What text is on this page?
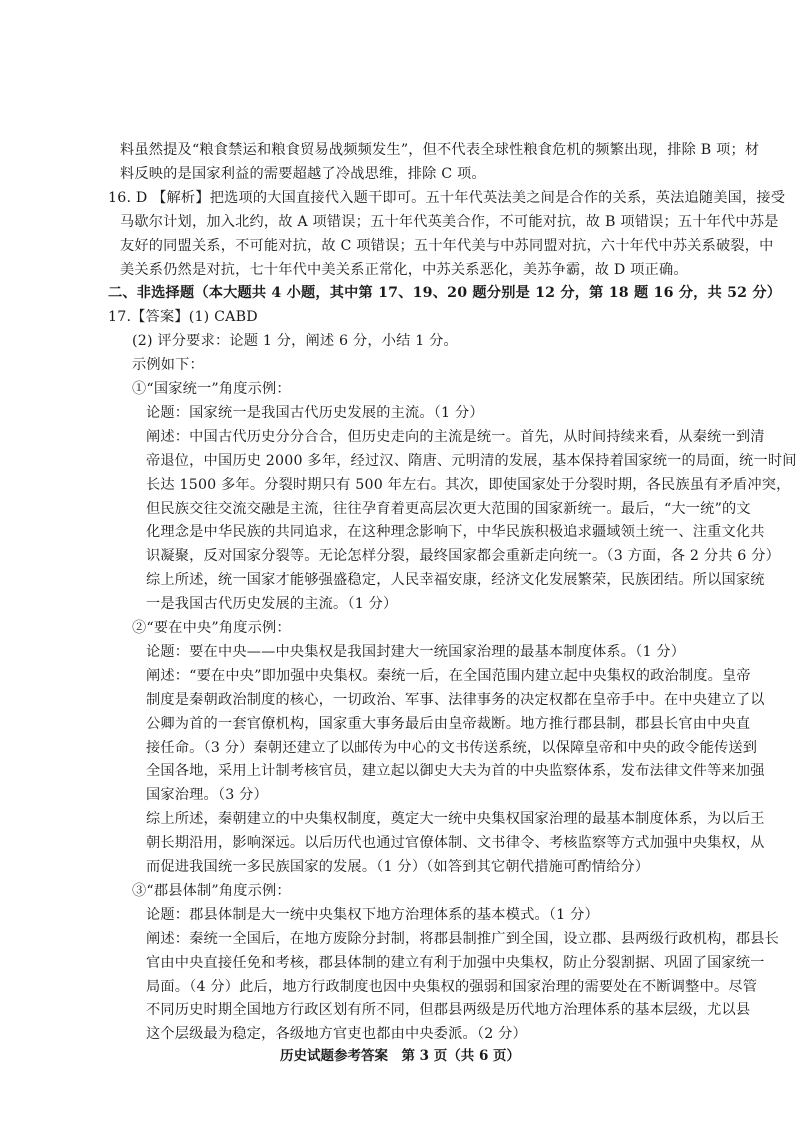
料虽然提及“粮食禁运和粮食贸易战频频发生”，但不代表全球性粮食危机的频繁出现，排除 B 项；材
料反映的是国家利益的需要超越了冷战思维，排除 C 项。
16. D 【解析】把选项的大国直接代入题干即可。五十年代英法美之间是合作的关系，英法追随美国，接受
马歇尔计划，加入北约，故 A 项错误；五十年代英美合作，不可能对抗，故 B 项错误；五十年代中苏是
友好的同盟关系，不可能对抗，故 C 项错误；五十年代美与中苏同盟对抗，六十年代中苏关系破裂，中
美关系仍然是对抗，七十年代中美关系正常化，中苏关系恶化，美苏争霸，故 D 项正确。
二、非选择题（本大题共 4 小题，其中第 17、19、20 题分别是 12 分，第 18 题 16 分，共 52 分）
17.【答案】(1) CABD
(2) 评分要求：论题 1 分，阐述 6 分，小结 1 分。
示例如下：
①“国家统一”角度示例：
论题：国家统一是我国古代历史发展的主流。（1 分）
阐述：中国古代历史分分合合，但历史走向的主流是统一。首先，从时间持续来看，从秦统一到清
帝退位，中国历史 2000 多年，经过汉、隋唐、元明清的发展，基本保持着国家统一的局面，统一时间
长达 1500 多年。分裂时期只有 500 年左右。其次，即使国家处于分裂时期，各民族虽有矛盾冲突，
但民族交往交流交融是主流，往往孕育着更高层次更大范围的国家新统一。最后，“大一统”的文
化理念是中华民族的共同追求，在这种理念影响下，中华民族积极追求疆域领土统一、注重文化共
识凝聚，反对国家分裂等。无论怎样分裂，最终国家都会重新走向统一。（3 方面，各 2 分共 6 分）
综上所述，统一国家才能够强盛稳定，人民幸福安康，经济文化发展繁荣，民族团结。所以国家统
一是我国古代历史发展的主流。（1 分）
②“要在中央”角度示例：
论题：要在中央——中央集权是我国封建大一统国家治理的最基本制度体系。（1 分）
阐述：“要在中央”即加强中央集权。秦统一后，在全国范围内建立起中央集权的政治制度。皇帝
制度是秦朝政治制度的核心，一切政治、军事、法律事务的决定权都在皇帝手中。在中央建立了以
公卿为首的一套官僚机构，国家重大事务最后由皇帝裁断。地方推行郡县制，郡县长官由中央直
接任命。（3 分）秦朝还建立了以邮传为中心的文书传送系统，以保障皇帝和中央的政令能传送到
全国各地，采用上计制考核官员，建立起以御史大夫为首的中央监察体系，发布法律文件等来加强
国家治理。（3 分）
综上所述，秦朝建立的中央集权制度，奠定大一统中央集权国家治理的最基本制度体系，为以后王
朝长期沿用，影响深远。以后历代也通过官僚体制、文书律令、考核监察等方式加强中央集权，从
而促进我国统一多民族国家的发展。（1 分）（如答到其它朝代措施可酌情给分）
③“郡县体制”角度示例：
论题：郡县体制是大一统中央集权下地方治理体系的基本模式。（1 分）
阐述：秦统一全国后，在地方废除分封制，将郡县制推广到全国，设立郡、县两级行政机构，郡县长
官由中央直接任免和考核，郡县体制的建立有利于加强中央集权，防止分裂割据、巩固了国家统一
局面。（4 分）此后，地方行政制度也因中央集权的强弱和国家治理的需要处在不断调整中。尽管
不同历史时期全国地方行政区划有所不同，但郡县两级是历代地方治理体系的基本层级，尤以县
这个层级最为稳定，各级地方官吏也都由中央委派。（2 分）
历史试题参考答案　第 3 页（共 6 页）
